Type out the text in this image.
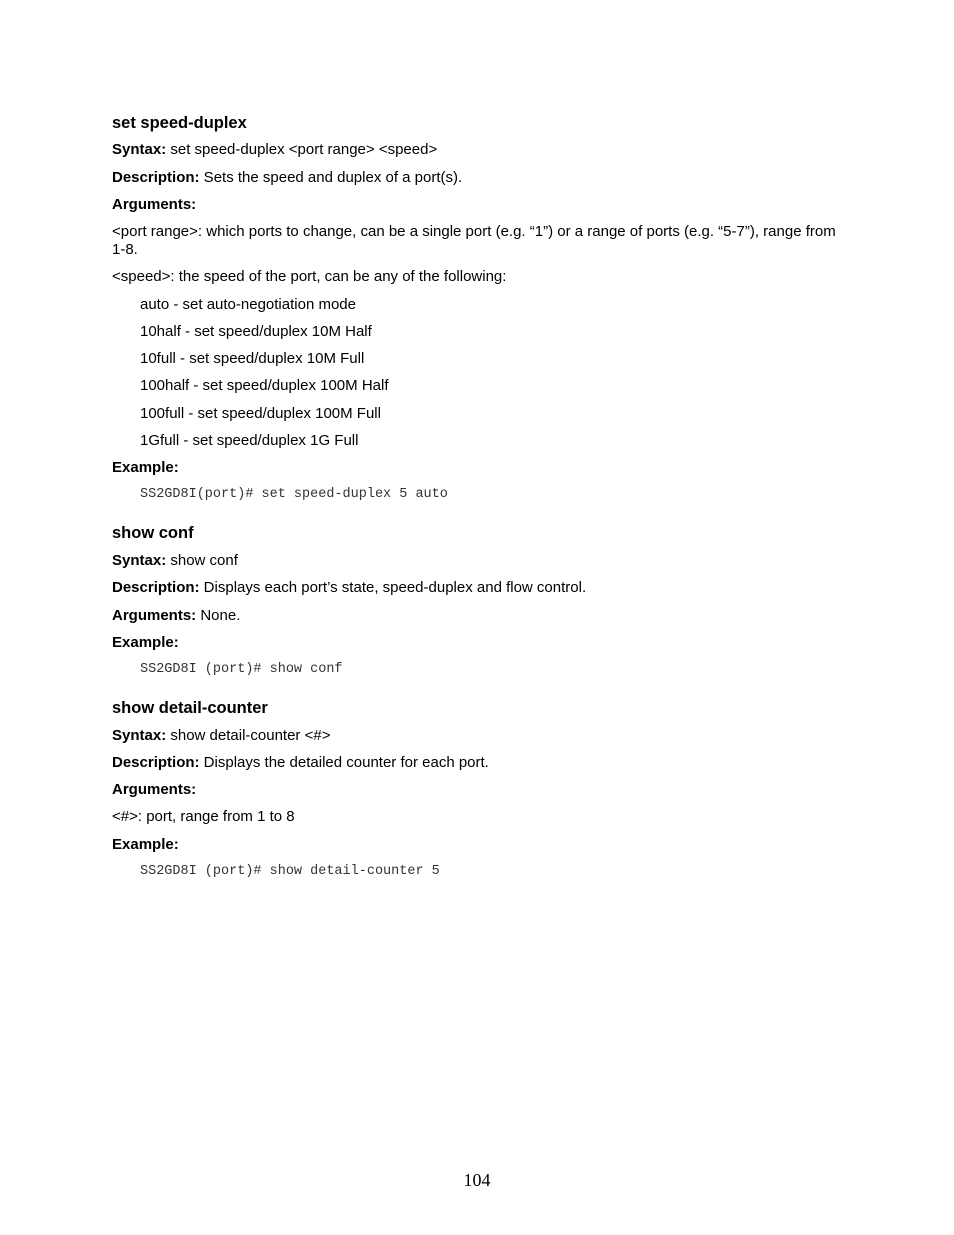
set speed-duplex
Syntax: set speed-duplex <port range> <speed>
Description: Sets the speed and duplex of a port(s).
Arguments:
<port range>: which ports to change, can be a single port (e.g. “1”) or a range of ports (e.g. “5-7”), range from 1-8.
<speed>: the speed of the port, can be any of the following:
auto - set auto-negotiation mode
10half - set speed/duplex 10M Half
10full - set speed/duplex 10M Full
100half - set speed/duplex 100M Half
100full - set speed/duplex 100M Full
1Gfull - set speed/duplex 1G Full
Example:
SS2GD8I(port)# set speed-duplex 5 auto
show conf
Syntax: show conf
Description: Displays each port’s state, speed-duplex and flow control.
Arguments: None.
Example:
SS2GD8I (port)# show conf
show detail-counter
Syntax: show detail-counter <#>
Description: Displays the detailed counter for each port.
Arguments:
<#>: port, range from 1 to 8
Example:
SS2GD8I (port)# show detail-counter 5
104
